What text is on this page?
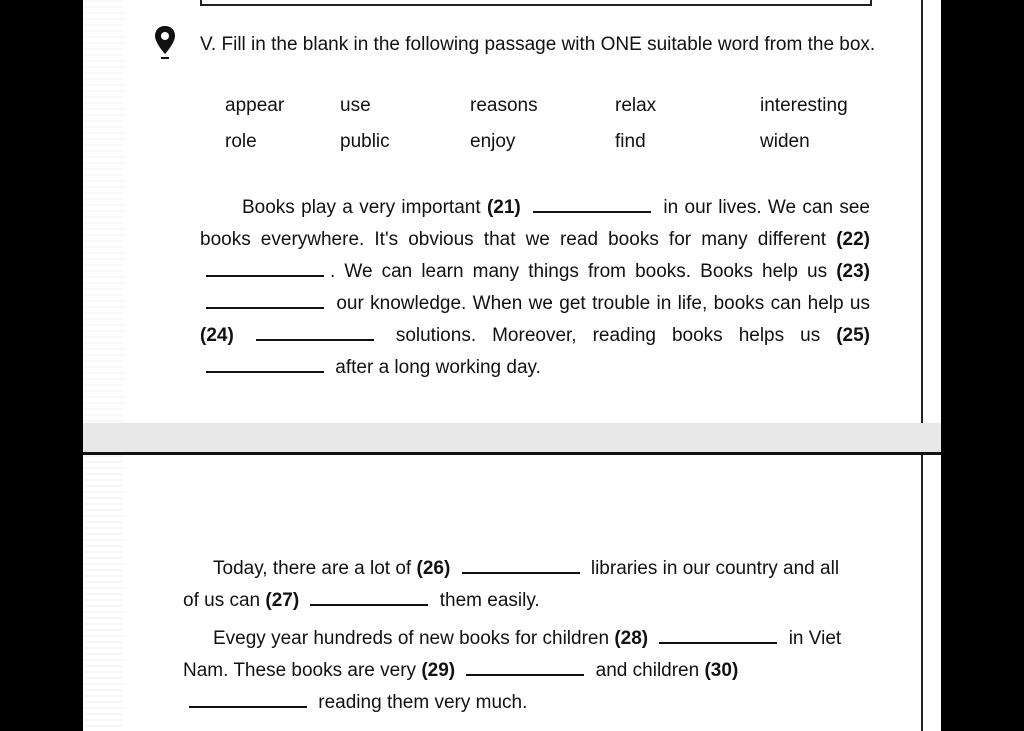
V. Fill in the blank in the following passage with ONE suitable word from the box.
appear	use	reasons	relax	interesting
role	public	enjoy	find	widen

Books play a very important (21)	in our lives. We can see books everywhere. It's obvious that we read books for many different (22) . We can learn many things from books. Books help us (23)  our knowledge. When we get trouble in life, books can help us (24)	solutions. Moreover, reading books helps us (25)  after a long working day.

Today, there are a lot of (26)	libraries in our country and all of us can (27)	them easily.

Evegy year hundreds of new books for children (28)	in Viet Nam. These books are very (29)	and children (30)  reading them very much.
